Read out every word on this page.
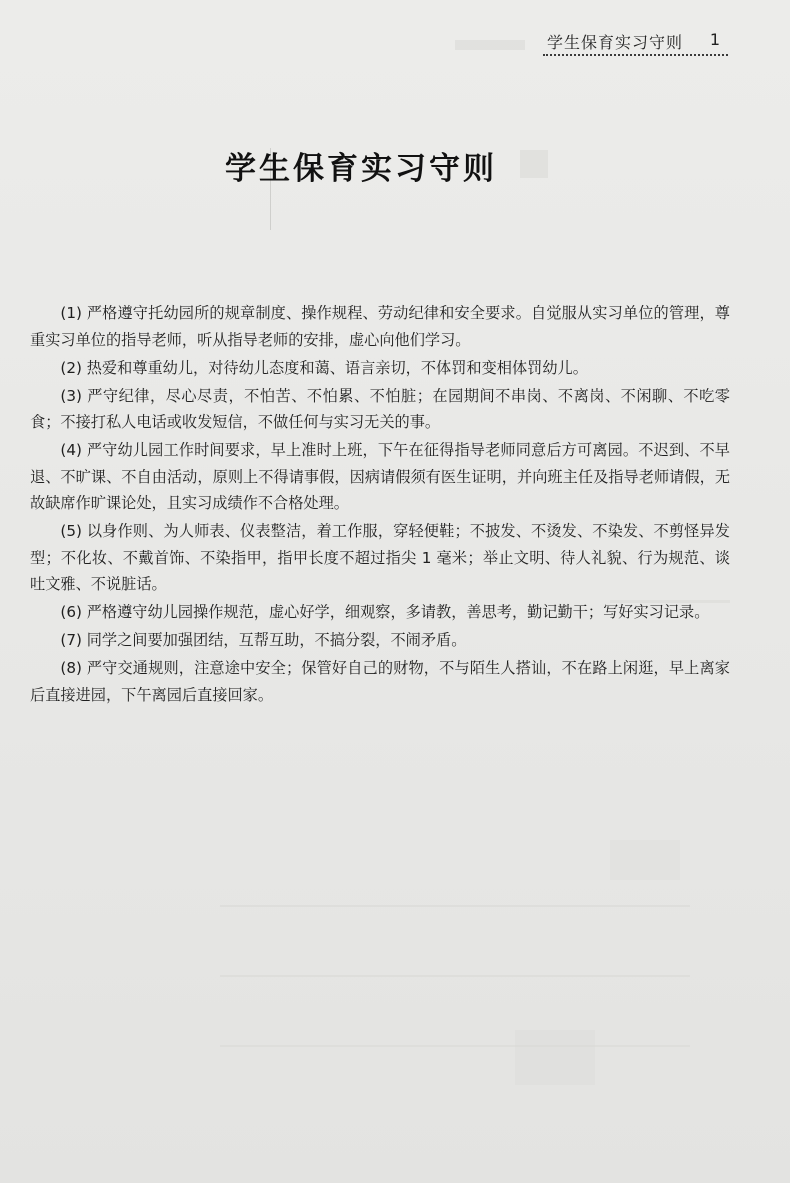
学生保育实习守则 1
学生保育实习守则

(1) 严格遵守托幼园所的规章制度、操作规程、劳动纪律和安全要求。自觉服从实习单位的管理，尊重实习单位的指导老师，听从指导老师的安排，虚心向他们学习。

(2) 热爱和尊重幼儿，对待幼儿态度和蔼、语言亲切，不体罚和变相体罚幼儿。

(3) 严守纪律，尽心尽责，不怕苦、不怕累、不怕脏；在园期间不串岗、不离岗、不闲聊、不吃零食；不接打私人电话或收发短信，不做任何与实习无关的事。

(4) 严守幼儿园工作时间要求，早上准时上班，下午在征得指导老师同意后方可离园。不迟到、不早退、不旷课、不自由活动，原则上不得请事假，因病请假须有医生证明，并向班主任及指导老师请假，无故缺席作旷课论处，且实习成绩作不合格处理。

(5) 以身作则、为人师表、仪表整洁，着工作服，穿轻便鞋；不披发、不烫发、不染发、不剪怪异发型；不化妆、不戴首饰、不染指甲，指甲长度不超过指尖 1 毫米；举止文明、待人礼貌、行为规范、谈吐文雅、不说脏话。

(6) 严格遵守幼儿园操作规范，虚心好学，细观察，多请教，善思考，勤记勤干；写好实习记录。

(7) 同学之间要加强团结，互帮互助，不搞分裂，不闹矛盾。

(8) 严守交通规则，注意途中安全；保管好自己的财物，不与陌生人搭讪，不在路上闲逛，早上离家后直接进园，下午离园后直接回家。
